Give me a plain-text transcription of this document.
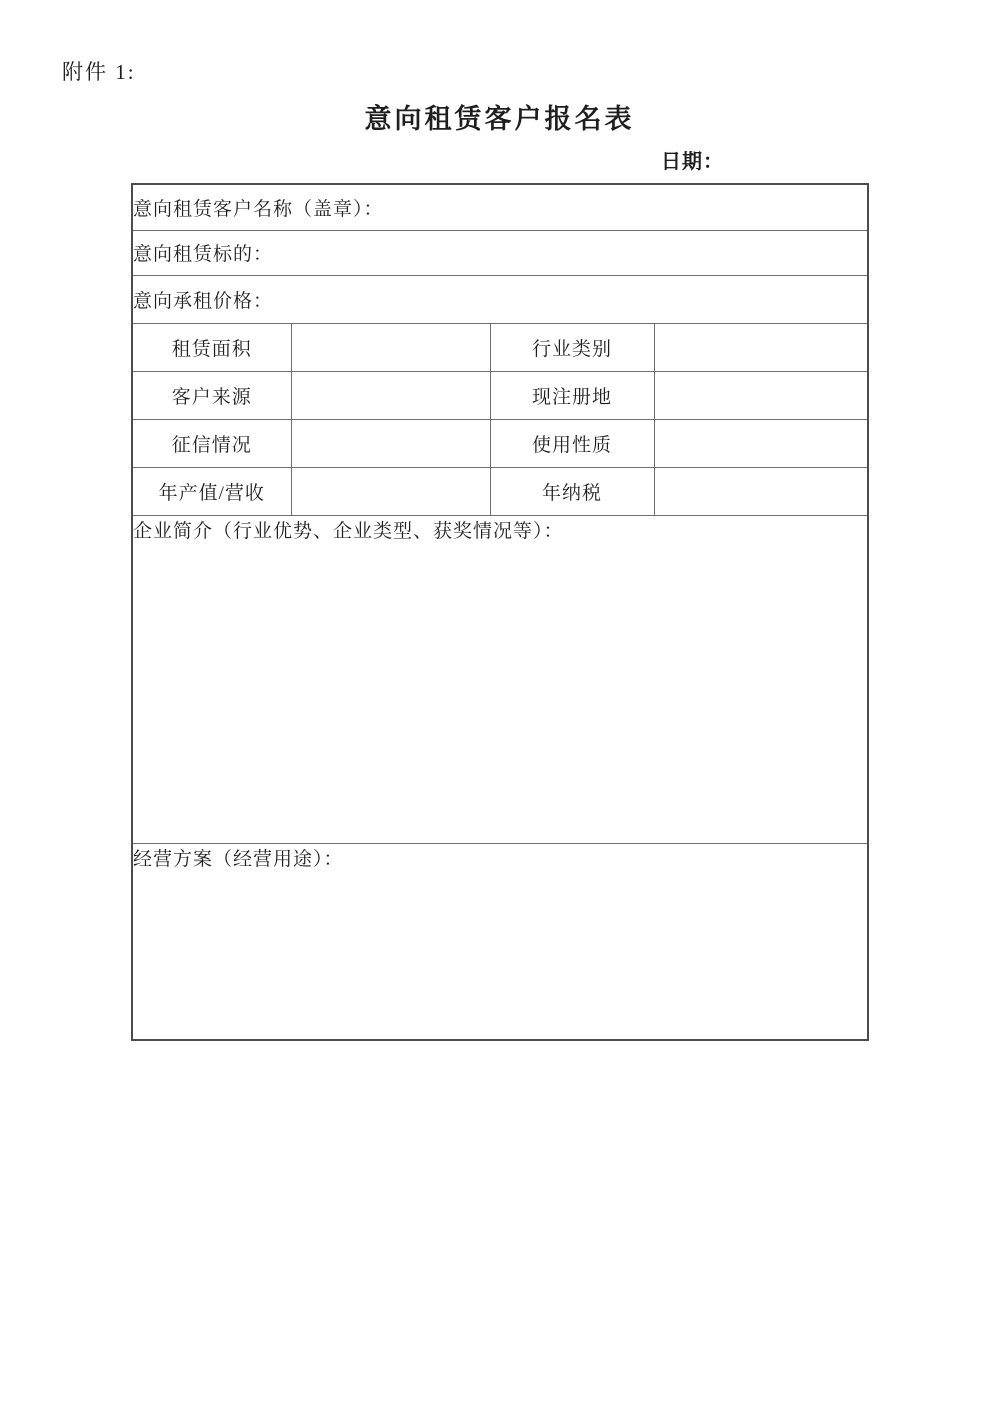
附件 1:
意向租赁客户报名表
日期：
意向租赁客户名称（盖章）：			
意向租赁标的：			
意向承租价格：			
租赁面积		行业类别	
客户来源		现注册地	
征信情况		使用性质	
年产值/营收		年纳税	
企业简介（行业优势、企业类型、获奖情况等）：			
经营方案（经营用途）：			
